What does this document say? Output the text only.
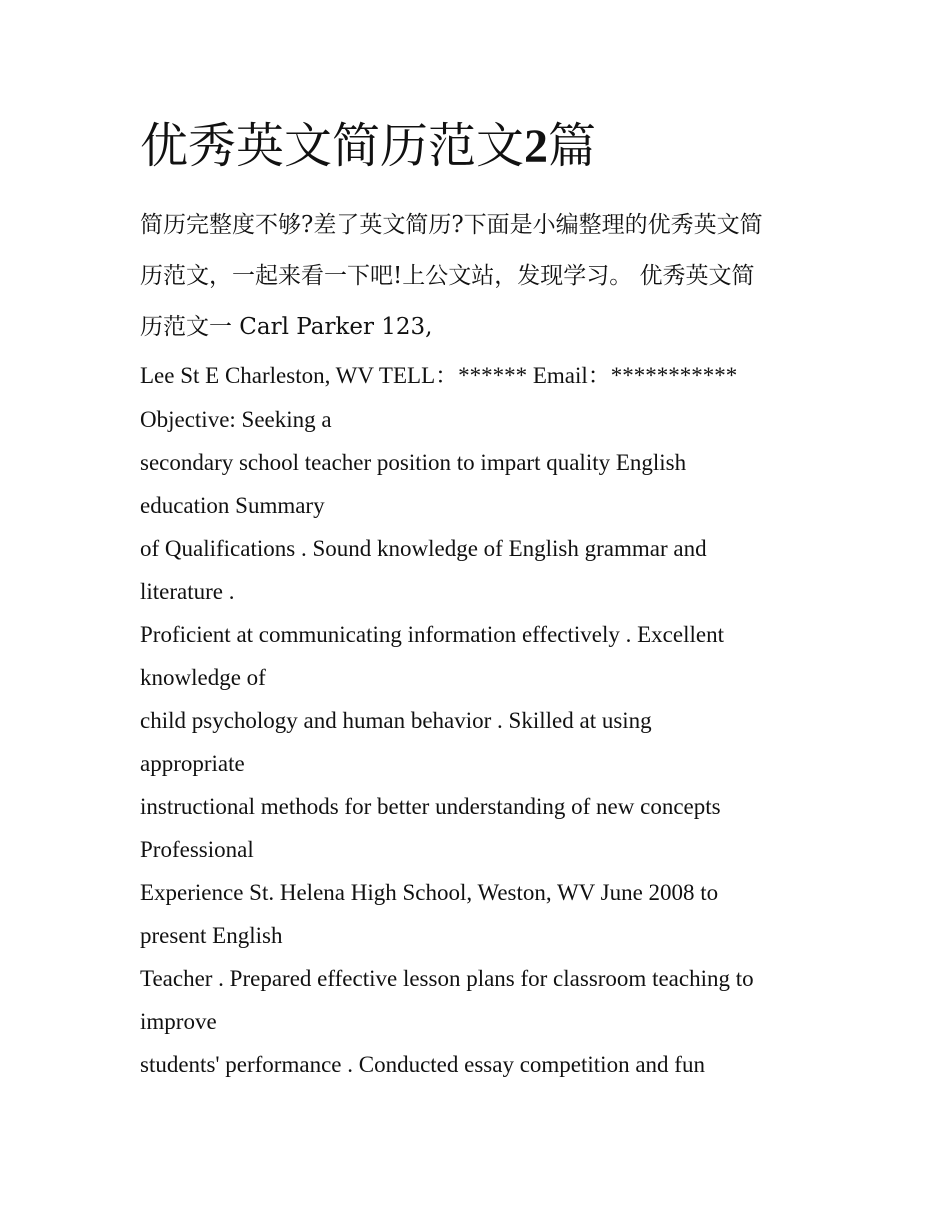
优秀英文简历范文2篇

简历完整度不够?差了英文简历?下面是小编整理的优秀英文简
历范文，一起来看一下吧!上公文站，发现学习。 优秀英文简
历范文一 Carl Parker 123,

Lee St E Charleston, WV TELL：****** Email：***********
Objective: Seeking a
secondary school teacher position to impart quality English
education Summary
of Qualifications . Sound knowledge of English grammar and
literature .
Proficient at communicating information effectively . Excellent
knowledge of
child psychology and human behavior . Skilled at using
appropriate
instructional methods for better understanding of new concepts
Professional
Experience St. Helena High School, Weston, WV June 2008 to
present English
Teacher . Prepared effective lesson plans for classroom teaching to
improve
students' performance . Conducted essay competition and fun
